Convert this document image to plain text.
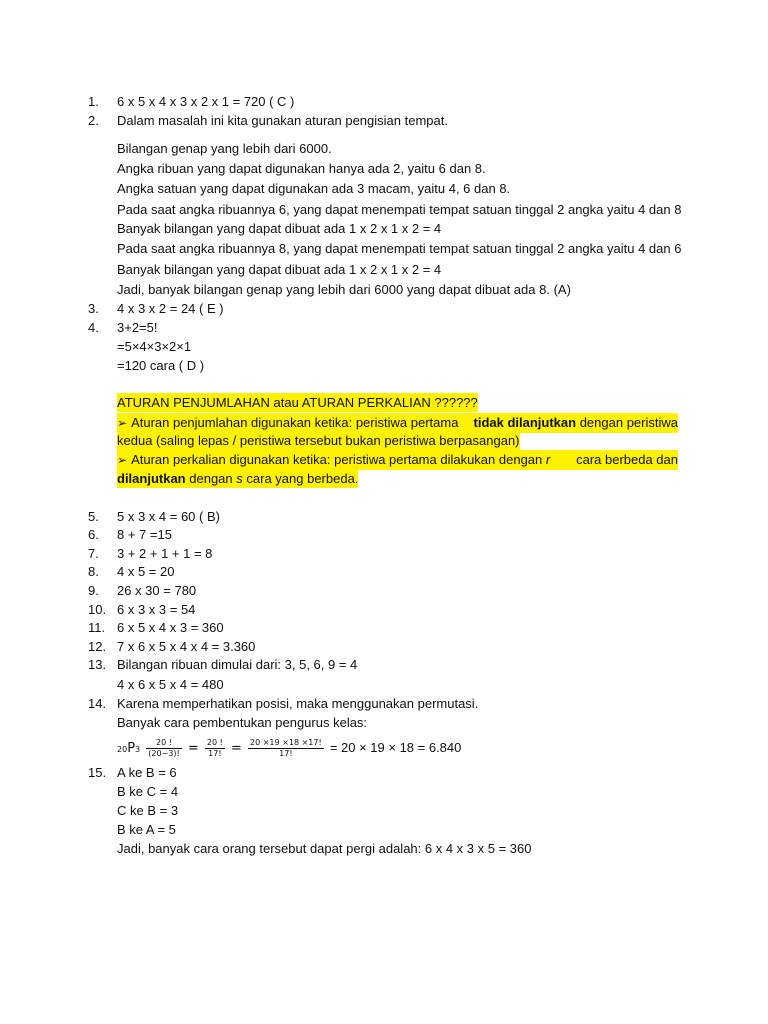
1. 6 x 5 x 4 x 3 x 2 x 1 = 720 ( C )
2. Dalam masalah ini kita gunakan aturan pengisian tempat.
Bilangan genap yang lebih dari 6000.
Angka ribuan yang dapat digunakan hanya ada 2, yaitu 6 dan 8.
Angka satuan yang dapat digunakan ada 3 macam, yaitu 4, 6 dan 8.
Pada saat angka ribuannya 6, yang dapat menempati tempat satuan tinggal 2 angka yaitu 4 dan 8
Banyak bilangan yang dapat dibuat ada 1 x 2 x 1 x 2 = 4
Pada saat angka ribuannya 8, yang dapat menempati tempat satuan tinggal 2 angka yaitu 4 dan 6
Banyak bilangan yang dapat dibuat ada 1 x 2 x 1 x 2 = 4
Jadi, banyak bilangan genap yang lebih dari 6000 yang dapat dibuat ada 8. (A)
3. 4 x 3 x 2 = 24 ( E )
4. 3+2=5!
=5×4×3×2×1
=120 cara ( D )
ATURAN PENJUMLAHAN atau ATURAN PERKALIAN ??????
➢ Aturan penjumlahan digunakan ketika: peristiwa pertama tidak dilanjutkan dengan peristiwa
kedua (saling lepas / peristiwa tersebut bukan peristiwa berpasangan)
➢ Aturan perkalian digunakan ketika: peristiwa pertama dilakukan dengan r cara berbeda dan
dilanjutkan dengan s cara yang berbeda.
5. 5 x 3 x 4 = 60 ( B)
6. 8 + 7 =15
7. 3 + 2 + 1 + 1 = 8
8. 4 x 5 = 20
9. 26 x 30 = 780
10. 6 x 3 x 3 = 54
11. 6 x 5 x 4 x 3 = 360
12. 7 x 6 x 5 x 4 x 4 = 3.360
13. Bilangan ribuan dimulai dari: 3, 5, 6, 9 = 4
4 x 6 x 5 x 4 = 480
14. Karena memperhatikan posisi, maka menggunakan permutasi.
Banyak cara pembentukan pengurus kelas:
$20P3 \frac{20 !}{(20-3)!} = \frac{20 !}{17!} = \frac{20 \times 19 \times 18 \times 17!}{17!} = 20 \times 19 \times 18 = 6.840$
15. A ke B = 6
B ke C = 4
C ke B = 3
B ke A = 5
Jadi, banyak cara orang tersebut dapat pergi adalah: 6 x 4 x 3 x 5 = 360
